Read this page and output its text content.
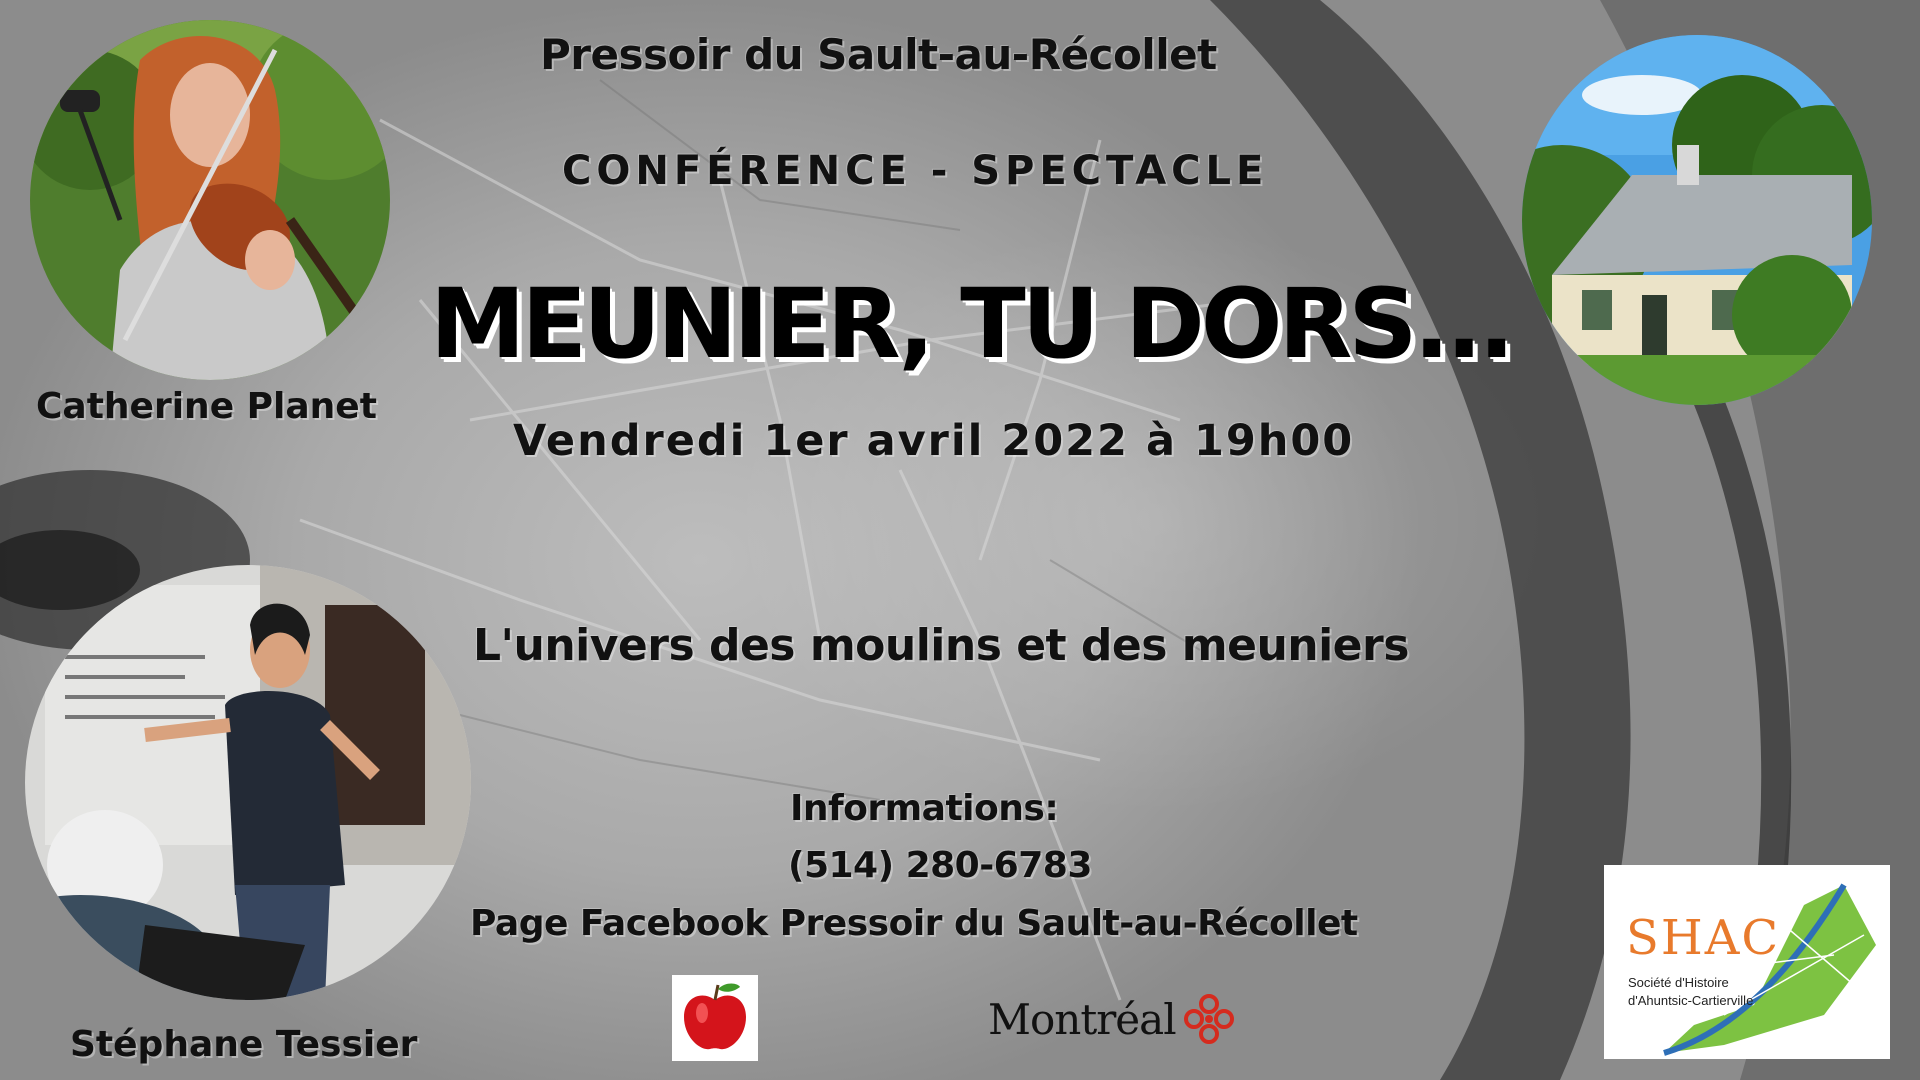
Pressoir du Sault-au-Récollet
CONFÉRENCE - SPECTACLE
MEUNIER, TU DORS...
Vendredi 1er avril 2022 à 19h00
L'univers des moulins et des meuniers
Informations:
(514) 280-6783
Page Facebook Pressoir du Sault-au-Récollet
Catherine Planet
Stéphane Tessier
Montréal
SHAC
Société d'Histoire
d'Ahuntsic-Cartierville
